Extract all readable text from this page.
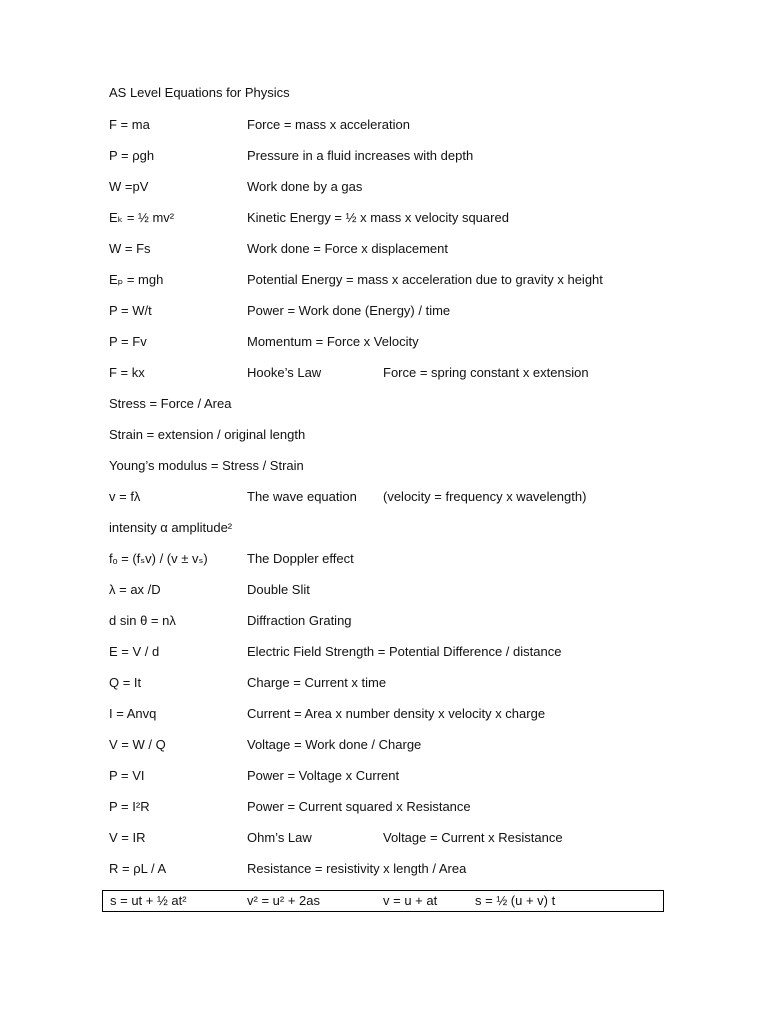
AS Level Equations for Physics
F = ma	Force = mass x acceleration
P = ρgh	Pressure in a fluid increases with depth
W =pV	Work done by a gas
Eₖ = ½ mv²	Kinetic Energy = ½ x mass x velocity squared
W = Fs	Work done = Force x displacement
Eₚ = mgh	Potential Energy = mass x acceleration due to gravity x height
P = W/t	Power = Work done (Energy) / time
P = Fv	Momentum = Force x Velocity
F = kx	Hooke’s Law	Force = spring constant x extension
Stress = Force / Area
Strain = extension / original length
Young’s modulus = Stress / Strain
v = fλ	The wave equation (velocity = frequency x wavelength)
intensity α amplitude²
fₒ = (fₛv) / (v ± vₛ)	The Doppler effect
λ = ax /D	Double Slit
d sin θ = nλ	Diffraction Grating
E = V / d	Electric Field Strength = Potential Difference / distance
Q = It	Charge = Current x time
I = Anvq	Current = Area x number density x velocity x charge
V = W / Q	Voltage = Work done / Charge
P = VI	Power = Voltage x Current
P = I²R	Power = Current squared x Resistance
V = IR	Ohm’s Law	Voltage = Current x Resistance
R = ρL / A	Resistance = resistivity x length / Area
s = ut + ½ at²	v² = u² + 2as	v = u + at	s = ½ (u + v) t
